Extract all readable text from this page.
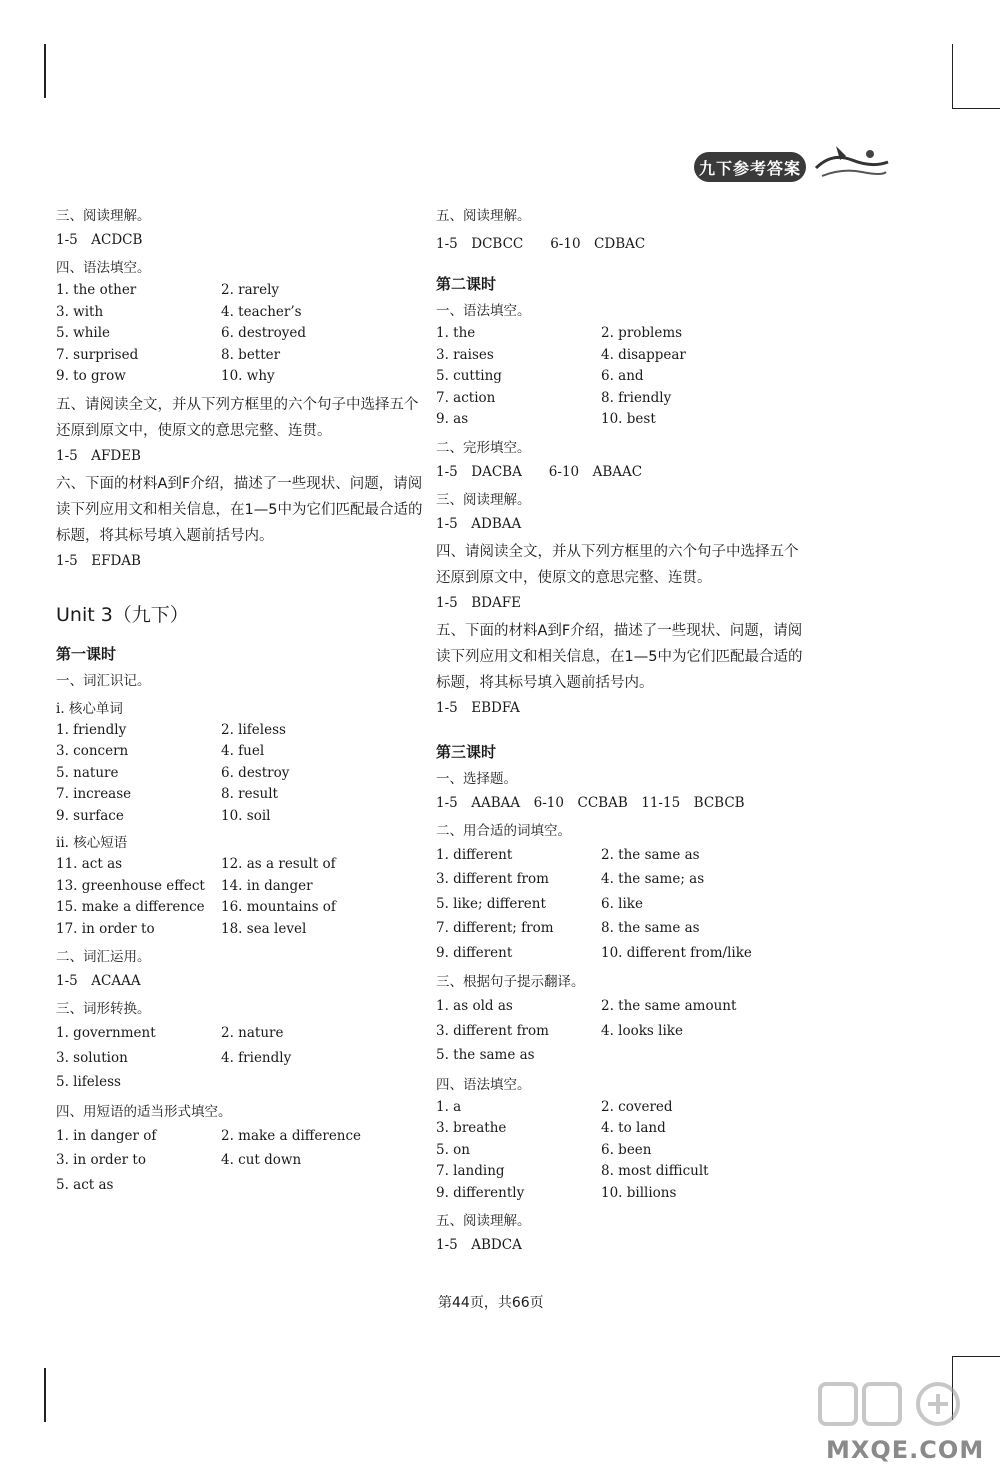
九下参考答案
三、阅读理解。
1-5　ACDCB
四、语法填空。
1. the other	2. rarely
3. with	4. teacher’s
5. while	6. destroyed
7. surprised	8. better
9. to grow	10. why
五、请阅读全文，并从下列方框里的六个句子中选择五个还原到原文中，使原文的意思完整、连贯。
1-5　AFDEB
六、下面的材料A到F介绍，描述了一些现状、问题，请阅读下列应用文和相关信息，在1—5中为它们匹配最合适的标题，将其标号填入题前括号内。
1-5　EFDAB
Unit 3（九下）
第一课时
一、词汇识记。
i. 核心单词
1. friendly	2. lifeless
3. concern	4. fuel
5. nature	6. destroy
7. increase	8. result
9. surface	10. soil
ii. 核心短语
11. act as	12. as a result of
13. greenhouse effect	14. in danger
15. make a difference	16. mountains of
17. in order to	18. sea level
二、词汇运用。
1-5　ACAAA
三、词形转换。
1. government	2. nature
3. solution	4. friendly
5. lifeless
四、用短语的适当形式填空。
1. in danger of	2. make a difference
3. in order to	4. cut down
5. act as
五、阅读理解。
1-5　DCBCC　　6-10　CDBAC
第二课时
一、语法填空。
1. the	2. problems
3. raises	4. disappear
5. cutting	6. and
7. action	8. friendly
9. as	10. best
二、完形填空。
1-5　DACBA　　6-10　ABAAC
三、阅读理解。
1-5　ADBAA
四、请阅读全文，并从下列方框里的六个句子中选择五个还原到原文中，使原文的意思完整、连贯。
1-5　BDAFE
五、下面的材料A到F介绍，描述了一些现状、问题，请阅读下列应用文和相关信息，在1—5中为它们匹配最合适的标题，将其标号填入题前括号内。
1-5　EBDFA
第三课时
一、选择题。
1-5　AABAA　6-10　CCBAB　11-15　BCBCB
二、用合适的词填空。
1. different	2. the same as
3. different from	4. the same; as
5. like; different	6. like
7. different; from	8. the same as
9. different	10. different from/like
三、根据句子提示翻译。
1. as old as	2. the same amount
3. different from	4. looks like
5. the same as
四、语法填空。
1. a	2. covered
3. breathe	4. to land
5. on	6. been
7. landing	8. most difficult
9. differently	10. billions
五、阅读理解。
1-5　ABDCA
第44页，共66页
MXQE.COM
